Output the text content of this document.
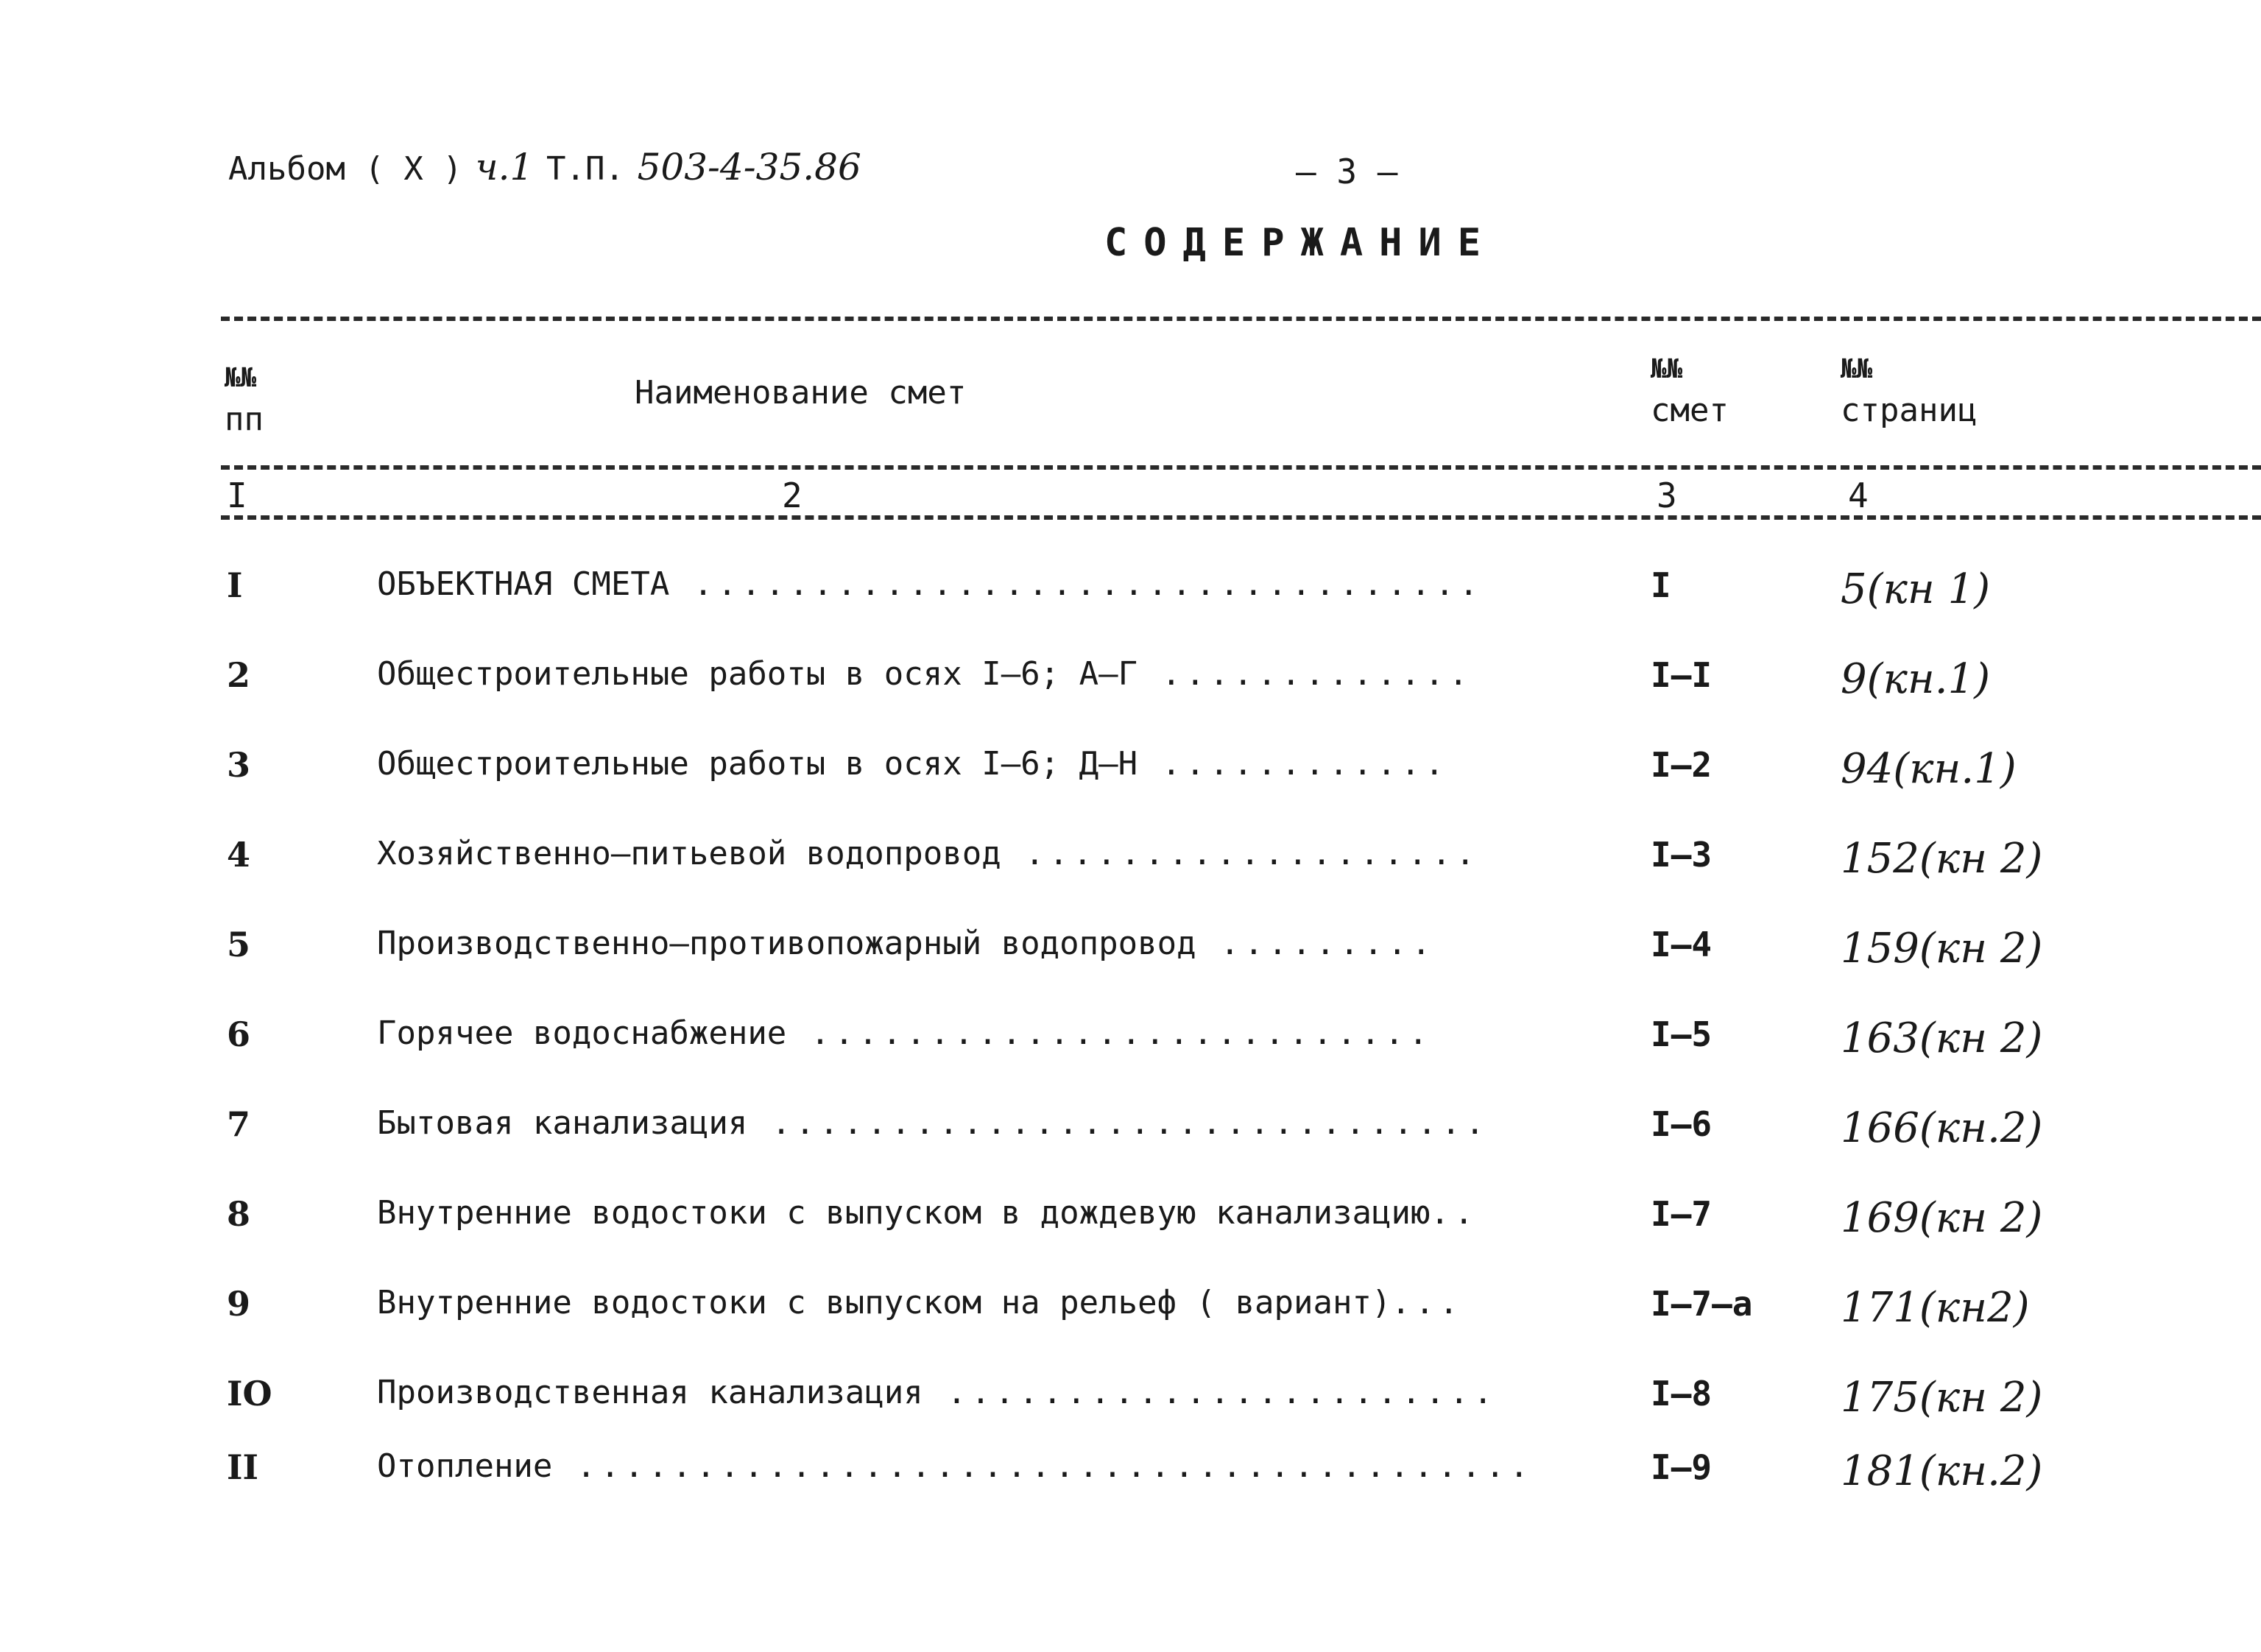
Альбом ( X ) ч.1 Т.П. 503-4-35.86	– 3 –
СОДЕРЖАНИЕ
№№
пп
Наименование смет
№№
смет
№№
страниц
I	2	3	4
I	ОБЪЕКТНАЯ СМЕТА .................................	I	5(кн 1)
2	Общестроительные работы в осях I–6; А–Г .............	I–I	9(кн.1)
3	Общестроительные работы в осях I–6; Д–Н ............	I–2	94(кн.1)
4	Хозяйственно–питьевой водопровод ...................	I–3	152(кн 2)
5	Производственно–противопожарный водопровод .........	I–4	159(кн 2)
6	Горячее водоснабжение ..........................	I–5	163(кн 2)
7	Бытовая канализация ..............................	I–6	166(кн.2)
8	Внутренние водостоки с выпуском в дождевую канализацию..	I–7	169(кн 2)
9	Внутренние водостоки с выпуском на рельеф ( вариант)...	I–7–а 171(кн2)
IO	Производственная канализация .......................	I–8	175(кн 2)
II	Отопление ........................................	I–9	181(кн.2)
